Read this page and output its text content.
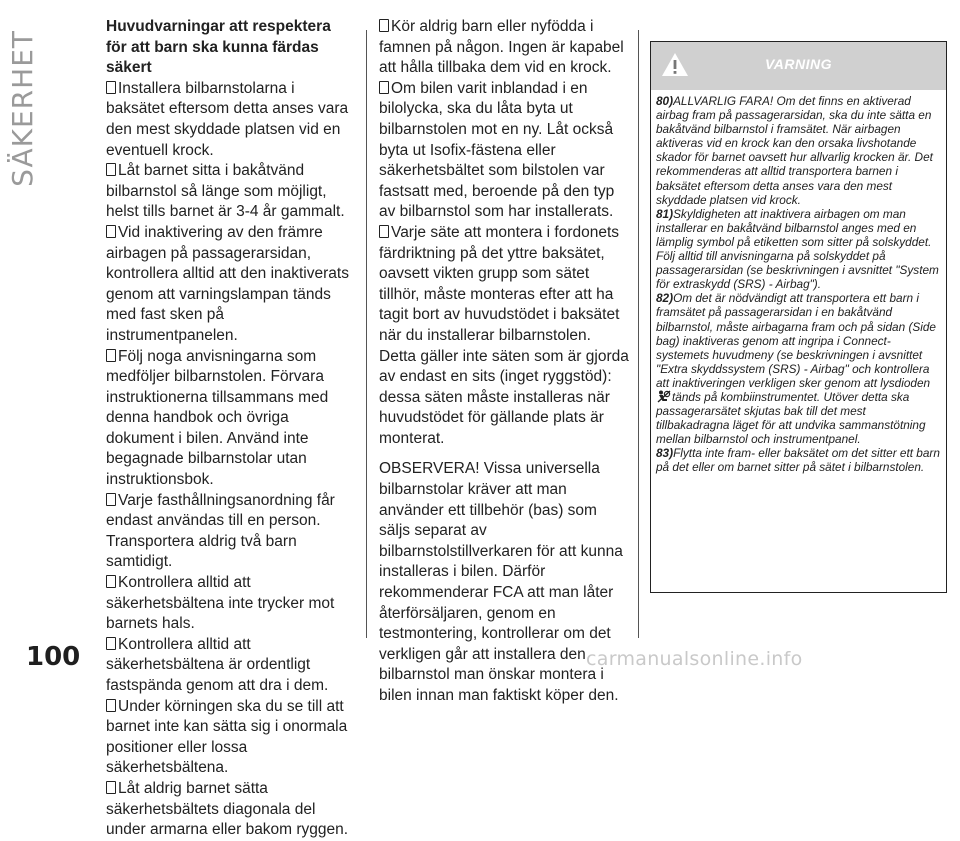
SÄKERHET
100

Huvudvarningar att respektera för att barn ska kunna färdas säkert

Installera bilbarnstolarna i baksätet eftersom detta anses vara den mest skyddade platsen vid en eventuell krock.

Låt barnet sitta i bakåtvänd bilbarnstol så länge som möjligt, helst tills barnet är 3-4 år gammalt.

Vid inaktivering av den främre airbagen på passagerarsidan, kontrollera alltid att den inaktiverats genom att varningslampan tänds med fast sken på instrumentpanelen.

Följ noga anvisningarna som medföljer bilbarnstolen. Förvara instruktionerna tillsammans med denna handbok och övriga dokument i bilen. Använd inte begagnade bilbarnstolar utan instruktionsbok.

Varje fasthållningsanordning får endast användas till en person. Transportera aldrig två barn samtidigt.

Kontrollera alltid att säkerhetsbältena inte trycker mot barnets hals.

Kontrollera alltid att säkerhetsbältena är ordentligt fastspända genom att dra i dem.

Under körningen ska du se till att barnet inte kan sätta sig i onormala positioner eller lossa säkerhetsbältena.

Låt aldrig barnet sätta säkerhetsbältets diagonala del under armarna eller bakom ryggen.

Kör aldrig barn eller nyfödda i famnen på någon. Ingen är kapabel att hålla tillbaka dem vid en krock.

Om bilen varit inblandad i en bilolycka, ska du låta byta ut bilbarnstolen mot en ny. Låt också byta ut Isofix-fästena eller säkerhetsbältet som bilstolen var fastsatt med, beroende på den typ av bilbarnstol som har installerats.

Varje säte att montera i fordonets färdriktning på det yttre baksätet, oavsett vikten grupp som sätet tillhör, måste monteras efter att ha tagit bort av huvudstödet i baksätet när du installerar bilbarnstolen. Detta gäller inte säten som är gjorda av endast en sits (inget ryggstöd): dessa säten måste installeras när huvudstödet för gällande plats är monterat.

OBSERVERA! Vissa universella bilbarnstolar kräver att man använder ett tillbehör (bas) som säljs separat av bilbarnstolstillverkaren för att kunna installeras i bilen. Därför rekommenderar FCA att man låter återförsäljaren, genom en testmontering, kontrollerar om det verkligen går att installera den bilbarnstol man önskar montera i bilen innan man faktiskt köper den.

VARNING

80)ALLVARLIG FARA! Om det finns en aktiverad airbag fram på passagerarsidan, ska du inte sätta en bakåtvänd bilbarnstol i framsätet. När airbagen aktiveras vid en krock kan den orsaka livshotande skador för barnet oavsett hur allvarlig krocken är. Det rekommenderas att alltid transportera barnen i baksätet eftersom detta anses vara den mest skyddade platsen vid krock.

81)Skyldigheten att inaktivera airbagen om man installerar en bakåtvänd bilbarnstol anges med en lämplig symbol på etiketten som sitter på solskyddet. Följ alltid till anvisningarna på solskyddet på passagerarsidan (se beskrivningen i avsnittet "System för extraskydd (SRS) - Airbag").

82)Om det är nödvändigt att transportera ett barn i framsätet på passagerarsidan i en bakåtvänd bilbarnstol, måste airbagarna fram och på sidan (Side bag) inaktiveras genom att ingripa i Connect-systemets huvudmeny (se beskrivningen i avsnittet "Extra skyddssystem (SRS) - Airbag" och kontrollera att inaktiveringen verkligen sker genom att lysdiodentänds på kombiinstrumentet. Utöver detta ska passagerarsätet skjutas bak till det mest tillbakadragna läget för att undvika sammanstötning mellan bilbarnstol och instrumentpanel.

83)Flytta inte fram- eller baksätet om det sitter ett barn på det eller om barnet sitter på sätet i bilbarnstolen.

carmanualsonline.info
